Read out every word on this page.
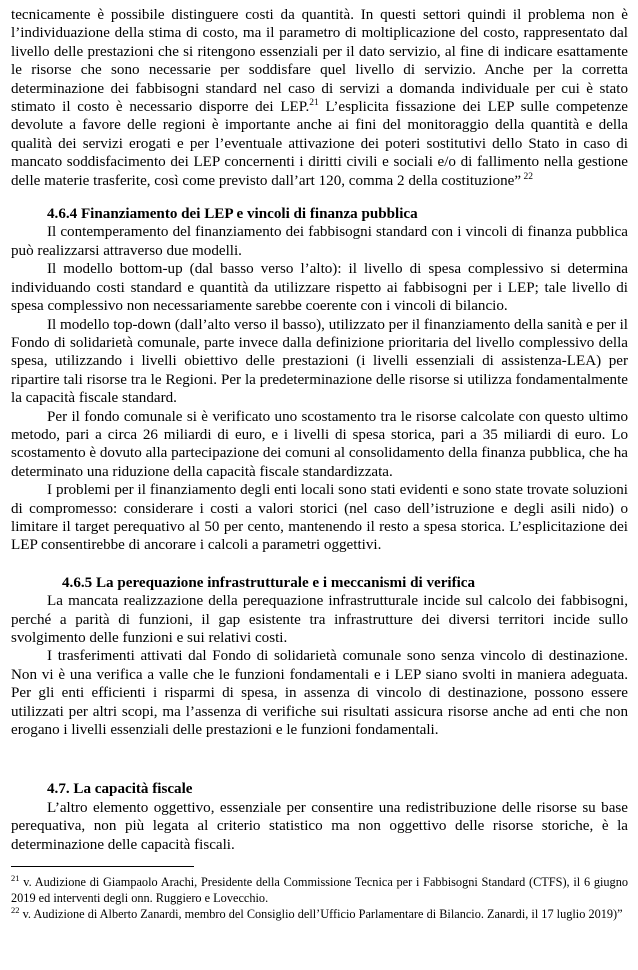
tecnicamente è possibile distinguere costi da quantità. In questi settori quindi il problema non è l’individuazione della stima di costo, ma il parametro di moltiplicazione del costo, rappresentato dal livello delle prestazioni che si ritengono essenziali per il dato servizio, al fine di indicare esattamente le risorse che sono necessarie per soddisfare quel livello di servizio. Anche per la corretta determinazione dei fabbisogni standard nel caso di servizi a domanda individuale per cui è stato stimato il costo è necessario disporre dei LEP.$^{21}$ L’esplicita fissazione dei LEP sulle competenze devolute a favore delle regioni è importante anche ai fini del monitoraggio della quantità e della qualità dei servizi erogati e per l’eventuale attivazione dei poteri sostitutivi dello Stato in caso di mancato soddisfacimento dei LEP concernenti i diritti civili e sociali e/o di fallimento nella gestione delle materie trasferite, così come previsto dall’art 120, comma 2 della costituzione” $^{22}$

4.6.4 Finanziamento dei LEP e vincoli di finanza pubblica

Il contemperamento del finanziamento dei fabbisogni standard con i vincoli di finanza pubblica può realizzarsi attraverso due modelli.

Il modello bottom-up (dal basso verso l’alto): il livello di spesa complessivo si determina individuando costi standard e quantità da utilizzare rispetto ai fabbisogni per i LEP; tale livello di spesa complessivo non necessariamente sarebbe coerente con i vincoli di bilancio.

Il modello top-down (dall’alto verso il basso), utilizzato per il finanziamento della sanità e per il Fondo di solidarietà comunale, parte invece dalla definizione prioritaria del livello complessivo della spesa, utilizzando i livelli obiettivo delle prestazioni (i livelli essenziali di assistenza-LEA) per ripartire tali risorse tra le Regioni. Per la predeterminazione delle risorse si utilizza fondamentalmente la capacità fiscale standard.

Per il fondo comunale si è verificato uno scostamento tra le risorse calcolate con questo ultimo metodo, pari a circa 26 miliardi di euro, e i livelli di spesa storica, pari a 35 miliardi di euro. Lo scostamento è dovuto alla partecipazione dei comuni al consolidamento della finanza pubblica, che ha determinato una riduzione della capacità fiscale standardizzata.

I problemi per il finanziamento degli enti locali sono stati evidenti e sono state trovate soluzioni di compromesso: considerare i costi a valori storici (nel caso dell’istruzione e degli asili nido) o limitare il target perequativo al 50 per cento, mantenendo il resto a spesa storica. L’esplicitazione dei LEP consentirebbe di ancorare i calcoli a parametri oggettivi.

4.6.5 La perequazione infrastrutturale e i meccanismi di verifica

La mancata realizzazione della perequazione infrastrutturale incide sul calcolo dei fabbisogni, perché a parità di funzioni, il gap esistente tra infrastrutture dei diversi territori incide sullo svolgimento delle funzioni e sui relativi costi.

I trasferimenti attivati dal Fondo di solidarietà comunale sono senza vincolo di destinazione. Non vi è una verifica a valle che le funzioni fondamentali e i LEP siano svolti in maniera adeguata. Per gli enti efficienti i risparmi di spesa, in assenza di vincolo di destinazione, possono essere utilizzati per altri scopi, ma l’assenza di verifiche sui risultati assicura risorse anche ad enti che non erogano i livelli essenziali delle prestazioni e le funzioni fondamentali.

4.7. La capacità fiscale

L’altro elemento oggettivo, essenziale per consentire una redistribuzione delle risorse su base perequativa, non più legata al criterio statistico ma non oggettivo delle risorse storiche, è la determinazione delle capacità fiscali.

$^{21}$ v. Audizione di Giampaolo Arachi, Presidente della Commissione Tecnica per i Fabbisogni Standard (CTFS), il 6 giugno 2019 ed interventi degli onn. Ruggiero e Lovecchio.

$^{22}$ v. Audizione di Alberto Zanardi, membro del Consiglio dell’Ufficio Parlamentare di Bilancio. Zanardi, il 17 luglio 2019)”
